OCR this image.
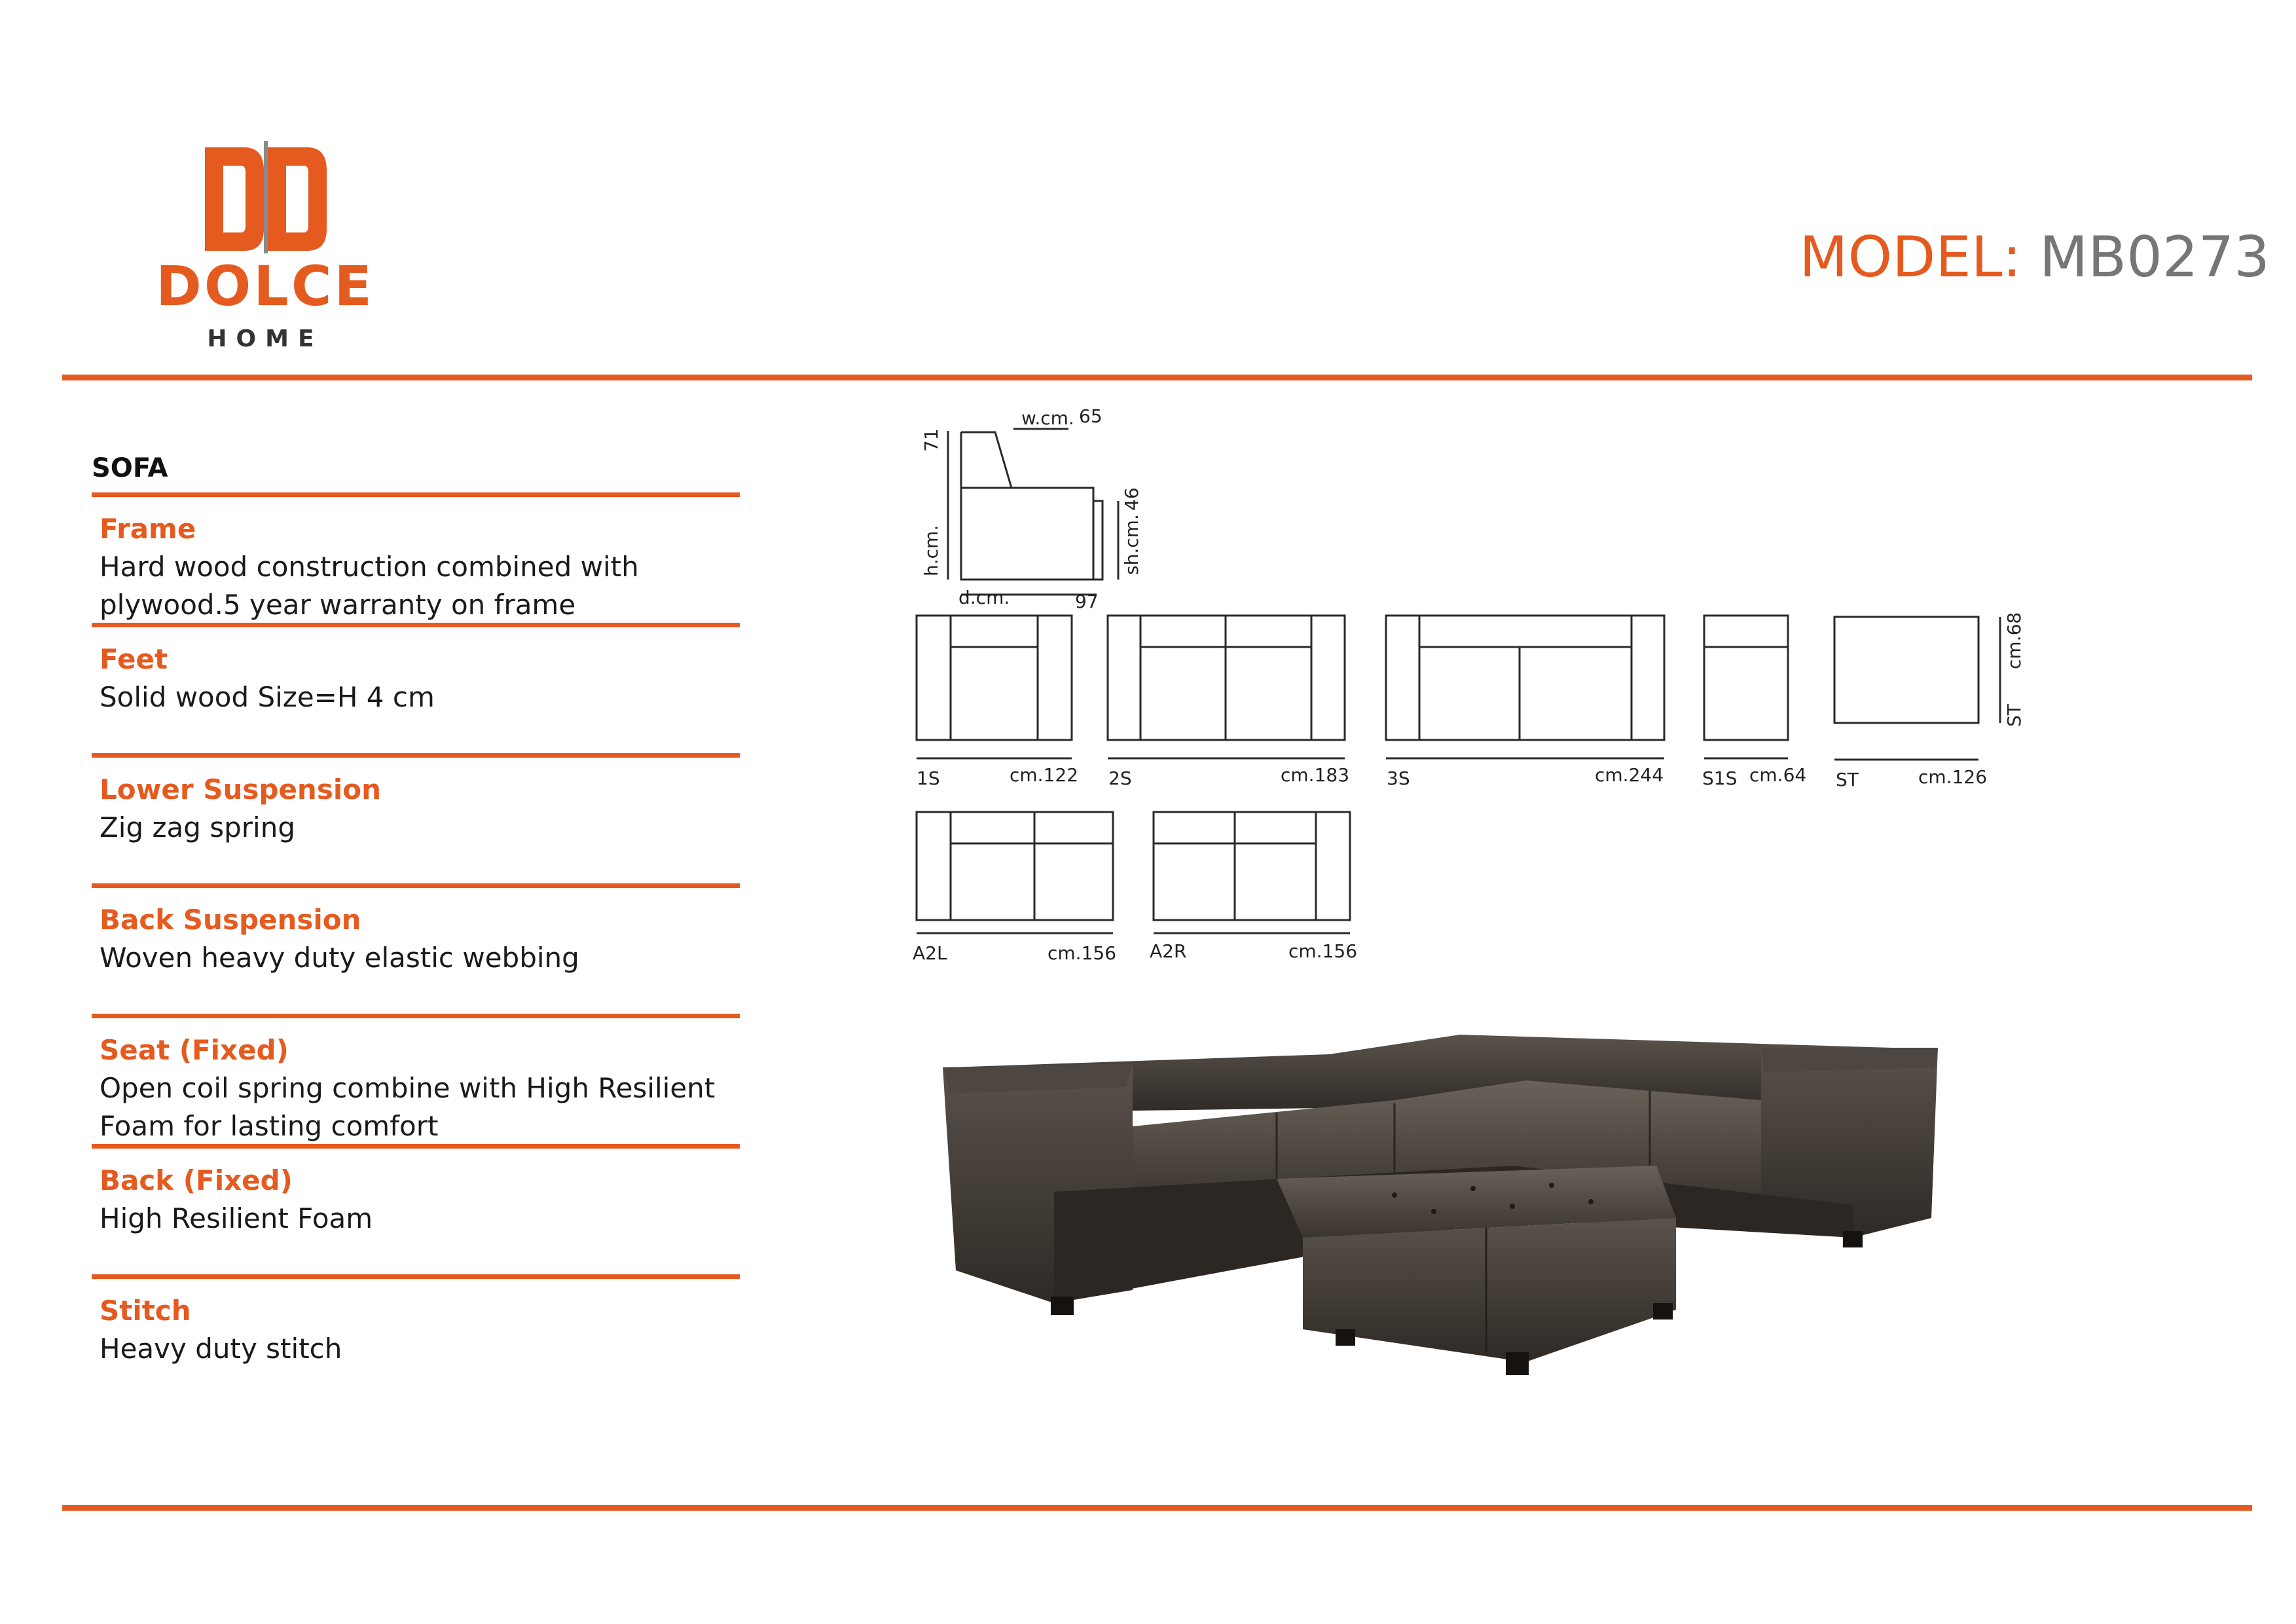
DOLCE
HOME
MODEL: MB0273
SOFA
Frame
Hard wood construction combined with
plywood.5 year warranty on frame
Feet
Solid wood Size=H 4 cm
Lower Suspension
Zig zag spring
Back Suspension
Woven heavy duty elastic webbing
Seat (Fixed)
Open coil spring combine with High Resilient
Foam for lasting comfort
Back (Fixed)
High Resilient Foam
Stitch
Heavy duty stitch
w.cm. 65
71
h.cm.	sh.cm.
46
d.cm.	97
1S	cm.122 2S	cm.183 3S	cm.244 S1S cm.64 ST	cm.126
cm.68
ST
A2L	cm.156 A2R	cm.156
